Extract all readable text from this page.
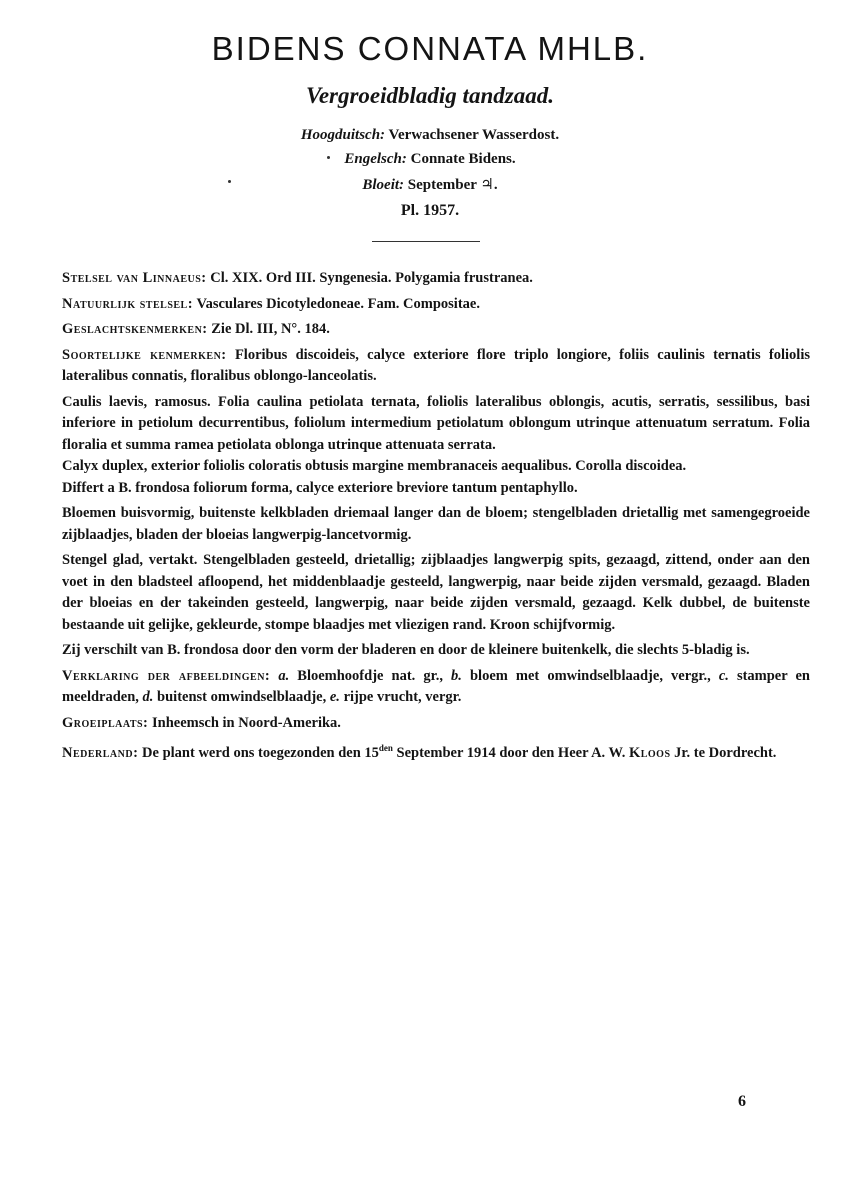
BIDENS CONNATA MHLB.
Vergroeidbladig tandzaad.
Hoogduitsch: Verwachsener Wasserdost.
Engelsch: Connate Bidens.
Bloeit: September ♃.
Pl. 1957.

Stelsel van Linnaeus: Cl. XIX. Ord III. Syngenesia. Polygamia frustranea.

Natuurlijk stelsel: Vasculares Dicotyledoneae. Fam. Compositae.

Geslachtskenmerken: Zie Dl. III, N°. 184.

Soortelijke kenmerken: Floribus discoideis, calyce exteriore flore triplo longiore, foliis caulinis ternatis foliolis lateralibus connatis, floralibus oblongo-lanceolatis.

Caulis laevis, ramosus. Folia caulina petiolata ternata, foliolis lateralibus oblongis, acutis, serratis, sessilibus, basi inferiore in petiolum decurrentibus, foliolum intermedium petiolatum oblongum utrinque attenuatum serratum. Folia floralia et summa ramea petiolata oblonga utrinque attenuata serrata.

Calyx duplex, exterior foliolis coloratis obtusis margine membranaceis aequalibus. Corolla discoidea.

Differt a B. frondosa foliorum forma, calyce exteriore breviore tantum pentaphyllo.

Bloemen buisvormig, buitenste kelkbladen driemaal langer dan de bloem; stengelbladen drietallig met samengegroeide zijblaadjes, bladen der bloeias langwerpig-lancetvormig.

Stengel glad, vertakt. Stengelbladen gesteeld, drietallig; zijblaadjes langwerpig spits, gezaagd, zittend, onder aan den voet in den bladsteel afloopend, het middenblaadje gesteeld, langwerpig, naar beide zijden versmald, gezaagd. Bladen der bloeias en der takeinden gesteeld, langwerpig, naar beide zijden versmald, gezaagd. Kelk dubbel, de buitenste bestaande uit gelijke, gekleurde, stompe blaadjes met vliezigen rand. Kroon schijfvormig.

Zij verschilt van B. frondosa door den vorm der bladeren en door de kleinere buitenkelk, die slechts 5-bladig is.

Verklaring der afbeeldingen: a. Bloemhoofdje nat. gr., b. bloem met omwindselblaadje, vergr., c. stamper en meeldraden, d. buitenst omwindselblaadje, e. rijpe vrucht, vergr.

Groeiplaats: Inheemsch in Noord-Amerika.

Nederland: De plant werd ons toegezonden den $15^{den}$ September 1914 door den Heer A. W. Kloos Jr. te Dordrecht.

6
